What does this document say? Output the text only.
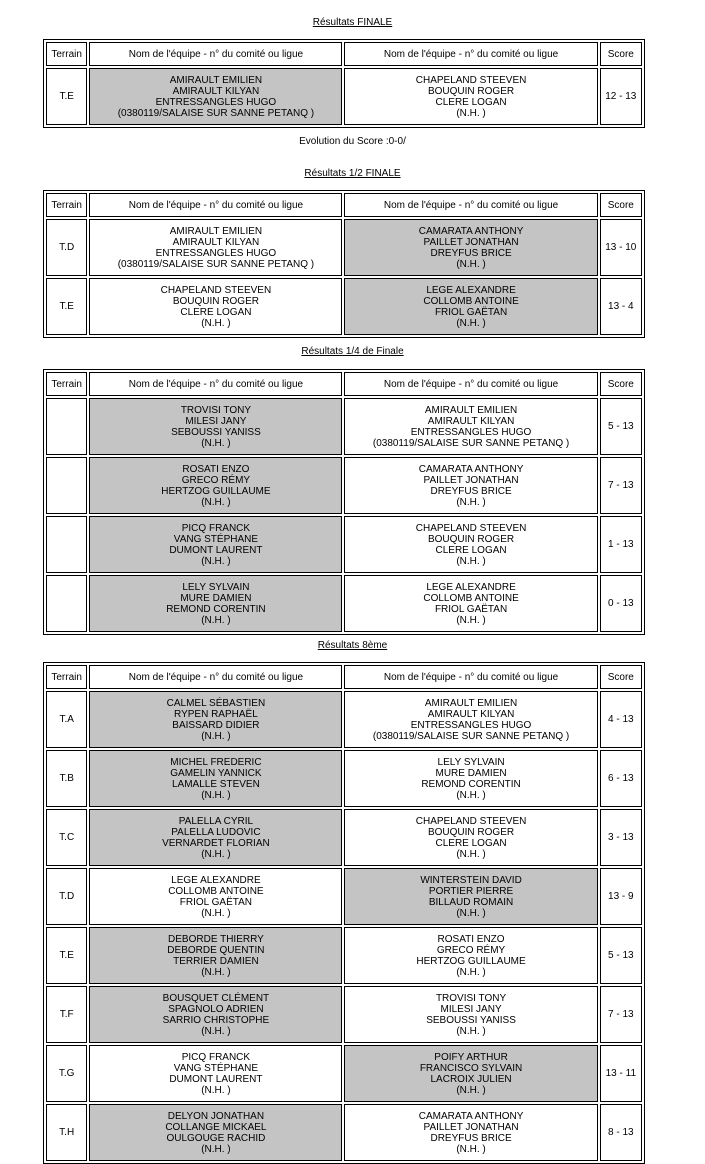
Résultats FINALE
Terrain	Nom de l'équipe - n° du comité ou ligue	Nom de l'équipe - n° du comité ou ligue	Score
T.E	AMIRAULT EMILIEN
AMIRAULT KILYAN
ENTRESSANGLES HUGO
(0380119/SALAISE SUR SANNE PETANQ )	CHAPELAND STEEVEN
BOUQUIN ROGER
CLERE LOGAN
(N.H. )	12 - 13
Evolution du Score :0-0/
Résultats 1/2 FINALE
Terrain	Nom de l'équipe - n° du comité ou ligue	Nom de l'équipe - n° du comité ou ligue	Score
T.D	AMIRAULT EMILIEN
AMIRAULT KILYAN
ENTRESSANGLES HUGO
(0380119/SALAISE SUR SANNE PETANQ )	CAMARATA ANTHONY
PAILLET JONATHAN
DREYFUS BRICE
(N.H. )	13 - 10
T.E	CHAPELAND STEEVEN
BOUQUIN ROGER
CLERE LOGAN
(N.H. )	LEGE ALEXANDRE
COLLOMB ANTOINE
FRIOL GAËTAN
(N.H. )	13 - 4
Résultats 1/4 de Finale
Terrain	Nom de l'équipe - n° du comité ou ligue	Nom de l'équipe - n° du comité ou ligue	Score

	TROVISI TONY
MILESI JANY
SEBOUSSI YANISS
(N.H. )	AMIRAULT EMILIEN
AMIRAULT KILYAN
ENTRESSANGLES HUGO
(0380119/SALAISE SUR SANNE PETANQ )	5 - 13

	ROSATI ENZO
GRECO RÉMY
HERTZOG GUILLAUME
(N.H. )	CAMARATA ANTHONY
PAILLET JONATHAN
DREYFUS BRICE
(N.H. )	7 - 13

	PICQ FRANCK
VANG STÉPHANE
DUMONT LAURENT
(N.H. )	CHAPELAND STEEVEN
BOUQUIN ROGER
CLERE LOGAN
(N.H. )	1 - 13

	LELY SYLVAIN
MURE DAMIEN
REMOND CORENTIN
(N.H. )	LEGE ALEXANDRE
COLLOMB ANTOINE
FRIOL GAËTAN
(N.H. )	0 - 13
Résultats 8ème
Terrain	Nom de l'équipe - n° du comité ou ligue	Nom de l'équipe - n° du comité ou ligue	Score
T.A	CALMEL SÉBASTIEN
RYPEN RAPHAËL
BAISSARD DIDIER
(N.H. )	AMIRAULT EMILIEN
AMIRAULT KILYAN
ENTRESSANGLES HUGO
(0380119/SALAISE SUR SANNE PETANQ )	4 - 13
T.B	MICHEL FREDERIC
GAMELIN YANNICK
LAMALLE STEVEN
(N.H. )	LELY SYLVAIN
MURE DAMIEN
REMOND CORENTIN
(N.H. )	6 - 13
T.C	PALELLA CYRIL
PALELLA LUDOVIC
VERNARDET FLORIAN
(N.H. )	CHAPELAND STEEVEN
BOUQUIN ROGER
CLERE LOGAN
(N.H. )	3 - 13
T.D	LEGE ALEXANDRE
COLLOMB ANTOINE
FRIOL GAËTAN
(N.H. )	WINTERSTEIN DAVID
PORTIER PIERRE
BILLAUD ROMAIN
(N.H. )	13 - 9
T.E	DEBORDE THIERRY
DEBORDE QUENTIN
TERRIER DAMIEN
(N.H. )	ROSATI ENZO
GRECO RÉMY
HERTZOG GUILLAUME
(N.H. )	5 - 13
T.F	BOUSQUET CLÉMENT
SPAGNOLO ADRIEN
SARRIO CHRISTOPHE
(N.H. )	TROVISI TONY
MILESI JANY
SEBOUSSI YANISS
(N.H. )	7 - 13
T.G	PICQ FRANCK
VANG STÉPHANE
DUMONT LAURENT
(N.H. )	POIFY ARTHUR
FRANCISCO SYLVAIN
LACROIX JULIEN
(N.H. )	13 - 11
T.H	DELYON JONATHAN
COLLANGE MICKAEL
OULGOUGE RACHID
(N.H. )	CAMARATA ANTHONY
PAILLET JONATHAN
DREYFUS BRICE
(N.H. )	8 - 13
